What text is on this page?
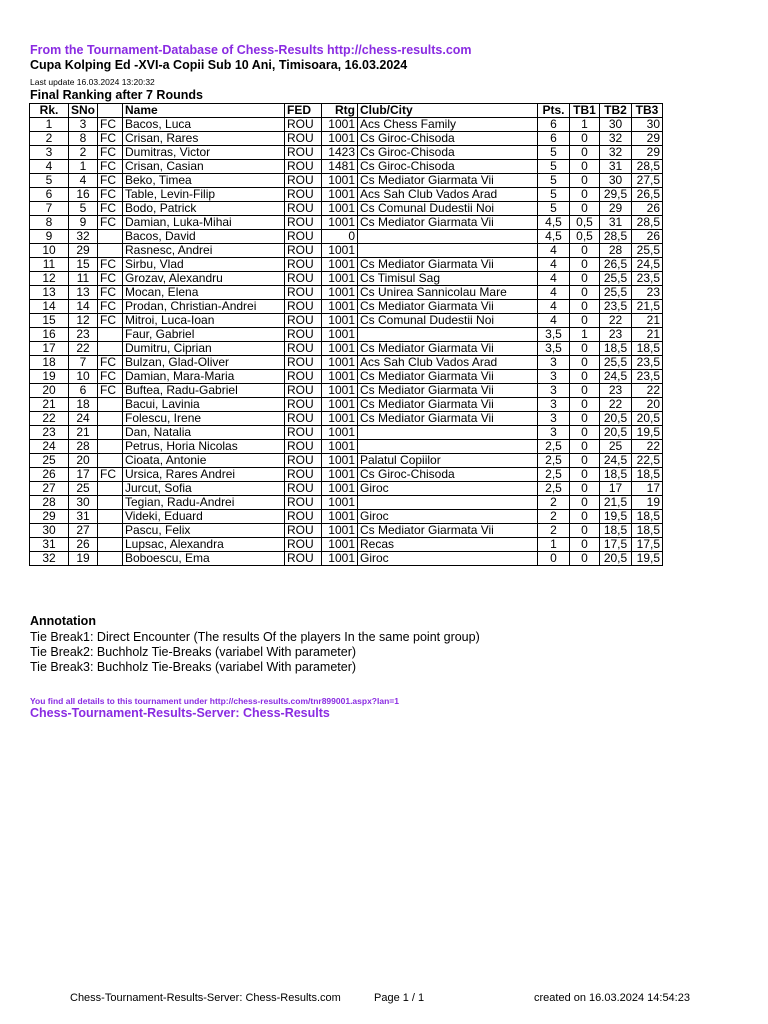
From the Tournament-Database of Chess-Results http://chess-results.com
Cupa Kolping Ed -XVI-a Copii Sub 10 Ani, Timisoara, 16.03.2024
Last update 16.03.2024 13:20:32
Final Ranking after 7 Rounds
Rk.	SNo		Name	FED	Rtg	Club/City	Pts.	TB1	TB2	TB3
1	3	FC	Bacos, Luca	ROU	1001	Acs Chess Family	6	1	30	30
2	8	FC	Crisan, Rares	ROU	1001	Cs Giroc-Chisoda	6	0	32	29
3	2	FC	Dumitras, Victor	ROU	1423	Cs Giroc-Chisoda	5	0	32	29
4	1	FC	Crisan, Casian	ROU	1481	Cs Giroc-Chisoda	5	0	31	28,5
5	4	FC	Beko, Timea	ROU	1001	Cs Mediator Giarmata Vii	5	0	30	27,5
6	16	FC	Table, Levin-Filip	ROU	1001	Acs Sah Club Vados Arad	5	0	29,5	26,5
7	5	FC	Bodo, Patrick	ROU	1001	Cs Comunal Dudestii Noi	5	0	29	26
8	9	FC	Damian, Luka-Mihai	ROU	1001	Cs Mediator Giarmata Vii	4,5	0,5	31	28,5
9	32		Bacos, David	ROU	0		4,5	0,5	28,5	26
10	29		Rasnesc, Andrei	ROU	1001		4	0	28	25,5
11	15	FC	Sirbu, Vlad	ROU	1001	Cs Mediator Giarmata Vii	4	0	26,5	24,5
12	11	FC	Grozav, Alexandru	ROU	1001	Cs Timisul Sag	4	0	25,5	23,5
13	13	FC	Mocan, Elena	ROU	1001	Cs Unirea Sannicolau Mare	4	0	25,5	23
14	14	FC	Prodan, Christian-Andrei	ROU	1001	Cs Mediator Giarmata Vii	4	0	23,5	21,5
15	12	FC	Mitroi, Luca-Ioan	ROU	1001	Cs Comunal Dudestii Noi	4	0	22	21
16	23		Faur, Gabriel	ROU	1001		3,5	1	23	21
17	22		Dumitru, Ciprian	ROU	1001	Cs Mediator Giarmata Vii	3,5	0	18,5	18,5
18	7	FC	Bulzan, Glad-Oliver	ROU	1001	Acs Sah Club Vados Arad	3	0	25,5	23,5
19	10	FC	Damian, Mara-Maria	ROU	1001	Cs Mediator Giarmata Vii	3	0	24,5	23,5
20	6	FC	Buftea, Radu-Gabriel	ROU	1001	Cs Mediator Giarmata Vii	3	0	23	22
21	18		Bacui, Lavinia	ROU	1001	Cs Mediator Giarmata Vii	3	0	22	20
22	24		Folescu, Irene	ROU	1001	Cs Mediator Giarmata Vii	3	0	20,5	20,5
23	21		Dan, Natalia	ROU	1001		3	0	20,5	19,5
24	28		Petrus, Horia Nicolas	ROU	1001		2,5	0	25	22
25	20		Cioata, Antonie	ROU	1001	Palatul Copiilor	2,5	0	24,5	22,5
26	17	FC	Ursica, Rares Andrei	ROU	1001	Cs Giroc-Chisoda	2,5	0	18,5	18,5
27	25		Jurcut, Sofia	ROU	1001	Giroc	2,5	0	17	17
28	30		Tegian, Radu-Andrei	ROU	1001		2	0	21,5	19
29	31		Videki, Eduard	ROU	1001	Giroc	2	0	19,5	18,5
30	27		Pascu, Felix	ROU	1001	Cs Mediator Giarmata Vii	2	0	18,5	18,5
31	26		Lupsac, Alexandra	ROU	1001	Recas	1	0	17,5	17,5
32	19		Boboescu, Ema	ROU	1001	Giroc	0	0	20,5	19,5
Annotation
Tie Break1: Direct Encounter (The results Of the players In the same point group)
Tie Break2: Buchholz Tie-Breaks (variabel With parameter)
Tie Break3: Buchholz Tie-Breaks (variabel With parameter)
You find all details to this tournament under http://chess-results.com/tnr899001.aspx?lan=1
Chess-Tournament-Results-Server: Chess-Results
Chess-Tournament-Results-Server: Chess-Results.com	Page 1 / 1	created on 16.03.2024 14:54:23
